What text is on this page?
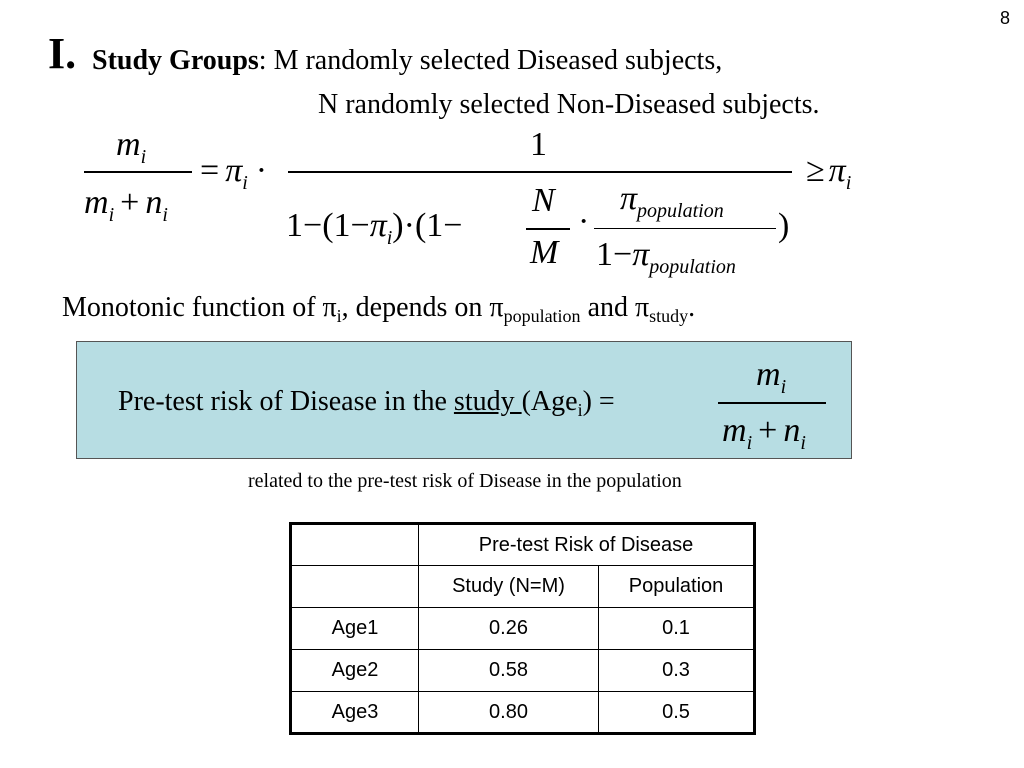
8
I. Study Groups: M randomly selected Diseased subjects,
N randomly selected Non-Diseased subjects.
$m_i$
$m_i + n_i$
= $\pi_i$ ·
1
$1-(1-\pi_i)\cdot(1-$
N
M
·
$\pi_{population}$
$1-\pi_{population}$
)
≥ $\pi_i$
Monotonic function of $\pi_i$, depends on $\pi_{population}$ and $\pi_{study}$.
Pre-test risk of Disease in the study (Age$_i$) =
$m_i$
$m_i + n_i$
related to the pre-test risk of Disease in the population
	Pre-test Risk of Disease	
	Study (N=M)	Population
Age1	0.26	0.1
Age2	0.58	0.3
Age3	0.80	0.5
